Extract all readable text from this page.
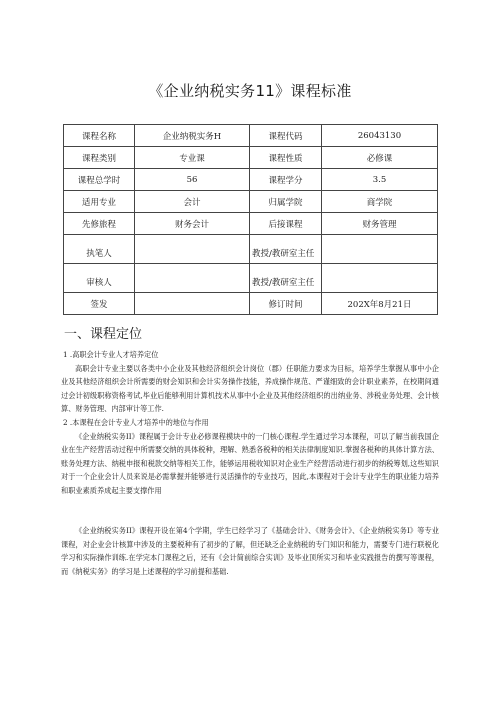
《企业纳税实务11》课程标准
课程名称	企业纳税实务H	课程代码	26043130
课程类别	专业课	课程性质	必修课
课程总学时	56	课程学分	3.5
适用专业	会计	归属学院	商学院
先修旅程	财务会计	后接课程	财务管理
执笔人		教授/教研室主任	
审核人		教授/教研室主任	
签发		修订时间	202X年8月21日
一、课程定位

1 .高职会计专业人才培养定位

高职会计专业主要以各类中小企业及其他经济组织会计岗位（郡）任职能力要求为目标，培养学生掌握从事中小企业及其他经济组织会计所需要的财会知识和会计实务操作技能，养成操作规范、严谨细致的会计职业素养，在校期间通过会计初级职称资格考试,毕业后能够利用计算机技术从事中小企业及其他经济组织的出纳业务、涉税业务处理、会计核算、财务管理、内部审计等工作.

2 .本课程在会计专业人才培养中的地位与作用

《企业纳税实务II》课程属于会计专业必修课程模块中的一门核心课程.学生通过学习本课程，可以了解当前我国企业在生产经营活动过程中所需要交纳的具体税种，理解、熟悉各税种的相关法律制度知识.掌握各税种的具体计算方法、账务处理方法、纳税申报和税款交纳等相关工作，能够运用税收知识对企业生产经营活动进行初步的纳税筹划,这些知识对于一个企业会计人员来说是必需掌握并能够进行灵活操作的专业技巧，因此,本课程对于会计专业学生的职业能力培养和职业素质养成起主要支撑作用

《企业纳税实务II》课程开设在第4个学期，学生已经学习了《基础会计》、《财务会计》、《企业纳税实务I》等专业课程，对企业会计核算中涉及的主要税种有了初步的了解，但还缺乏企业纳税的专门知识和能力，需要专门进行联税化学习和实际操作训练.在学完本门课程之后，还有《会计简前综合实训》及毕业顶所实习和毕业实践报告的撰写等课程，而《纳税实务》的学习是上述课程的学习前提和基础.
